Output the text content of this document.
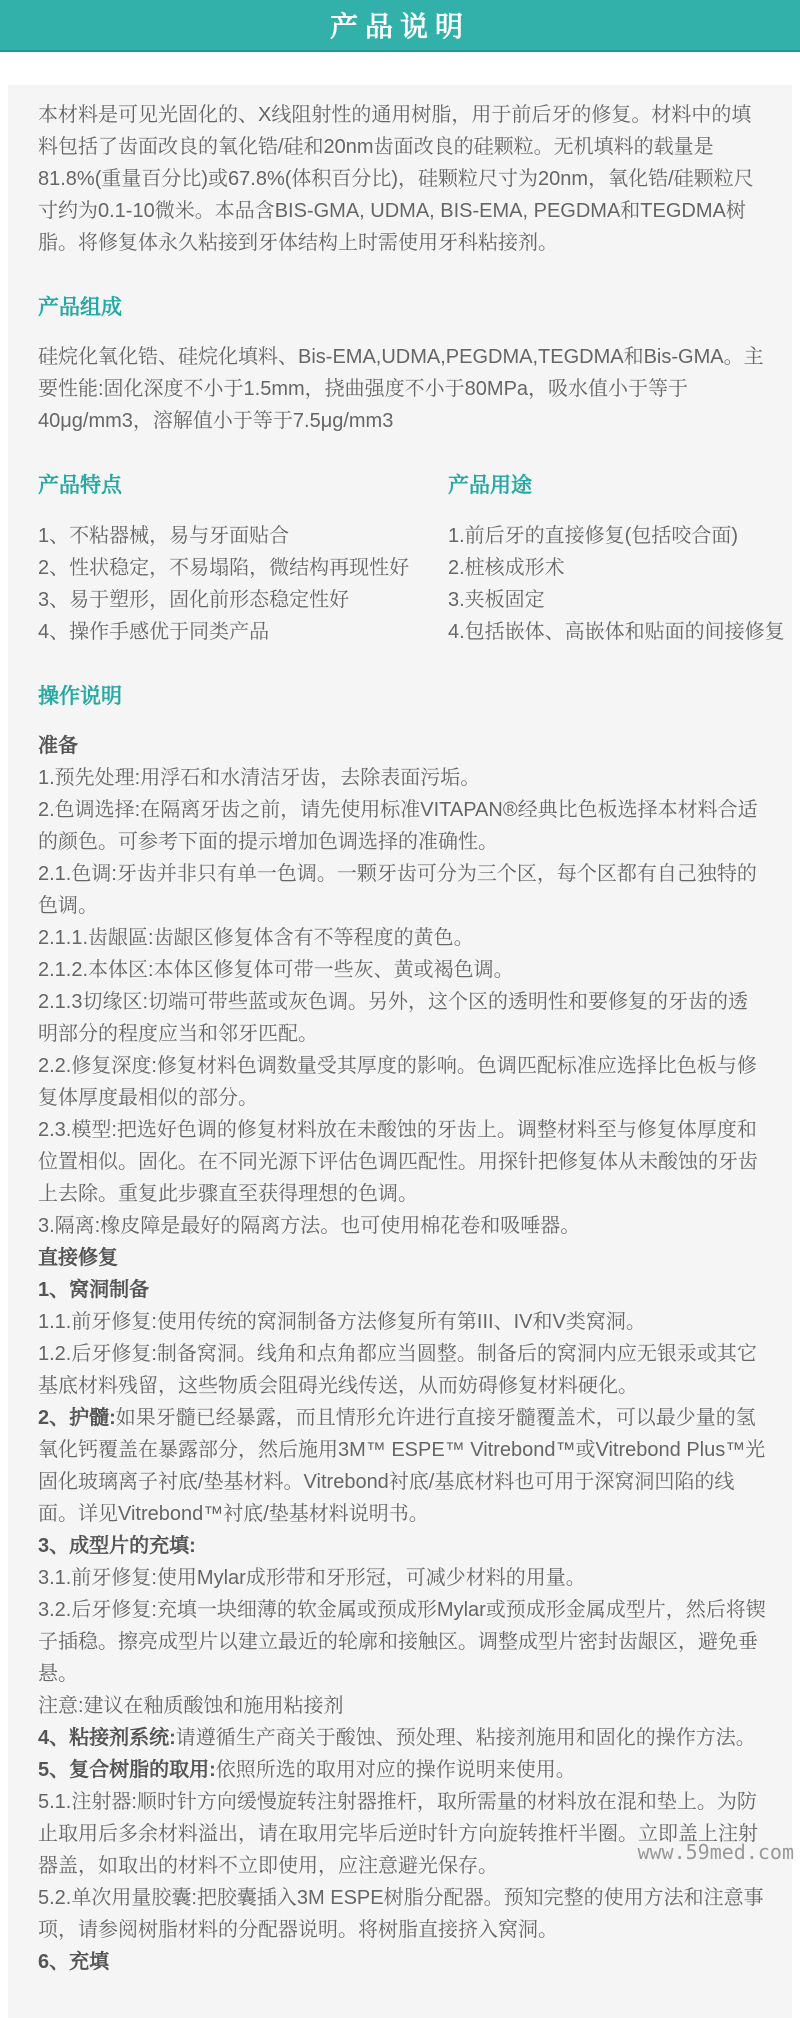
产品说明

本材料是可见光固化的、X线阻射性的通用树脂，用于前后牙的修复。材料中的填料包括了齿面改良的氧化锆/硅和20nm齿面改良的硅颗粒。无机填料的载量是81.8%(重量百分比)或67.8%(体积百分比)，硅颗粒尺寸为20nm，氧化锆/硅颗粒尺寸约为0.1-10微米。本品含BIS-GMA, UDMA, BIS-EMA, PEGDMA和TEGDMA树脂。将修复体永久粘接到牙体结构上时需使用牙科粘接剂。

产品组成

硅烷化氧化锆、硅烷化填料、Bis-EMA,UDMA,PEGDMA,TEGDMA和Bis-GMA。主要性能:固化深度不小于1.5mm，挠曲强度不小于80MPa，吸水值小于等于40μg/mm3，溶解值小于等于7.5μg/mm3

产品特点

1、不粘器械，易与牙面贴合

2、性状稳定，不易塌陷，微结构再现性好

3、易于塑形，固化前形态稳定性好

4、操作手感优于同类产品

产品用途

1.前后牙的直接修复(包括咬合面)

2.桩核成形术

3.夹板固定

4.包括嵌体、高嵌体和贴面的间接修复

操作说明

准备

1.预先处理:用浮石和水清洁牙齿，去除表面污垢。

2.色调选择:在隔离牙齿之前，请先使用标准VITAPAN®经典比色板选择本材料合适的颜色。可参考下面的提示增加色调选择的准确性。

2.1.色调:牙齿并非只有单一色调。一颗牙齿可分为三个区，每个区都有自己独特的色调。

2.1.1.齿龈區:齿龈区修复体含有不等程度的黄色。

2.1.2.本体区:本体区修复体可带一些灰、黄或褐色调。

2.1.3切缘区:切端可带些蓝或灰色调。另外，这个区的透明性和要修复的牙齿的透明部分的程度应当和邻牙匹配。

2.2.修复深度:修复材料色调数量受其厚度的影响。色调匹配标准应选择比色板与修复体厚度最相似的部分。

2.3.模型:把选好色调的修复材料放在未酸蚀的牙齿上。调整材料至与修复体厚度和位置相似。固化。在不同光源下评估色调匹配性。用探针把修复体从未酸蚀的牙齿上去除。重复此步骤直至获得理想的色调。

3.隔离:橡皮障是最好的隔离方法。也可使用棉花卷和吸唾器。

直接修复

1、窝洞制备

1.1.前牙修复:使用传统的窝洞制备方法修复所有第III、IV和V类窝洞。

1.2.后牙修复:制备窝洞。线角和点角都应当圆整。制备后的窝洞内应无银汞或其它基底材料残留，这些物质会阻碍光线传送，从而妨碍修复材料硬化。

2、护髓:如果牙髓已经暴露，而且情形允许进行直接牙髓覆盖术，可以最少量的氢氧化钙覆盖在暴露部分，然后施用3M™ ESPE™ Vitrebond™或Vitrebond Plus™光固化玻璃离子衬底/垫基材料。Vitrebond衬底/基底材料也可用于深窝洞凹陷的线面。详见Vitrebond™衬底/垫基材料说明书。

3、成型片的充填:

3.1.前牙修复:使用Mylar成形带和牙形冠，可减少材料的用量。

3.2.后牙修复:充填一块细薄的软金属或预成形Mylar或预成形金属成型片，然后将锲子插稳。擦亮成型片以建立最近的轮廓和接触区。调整成型片密封齿龈区，避免垂悬。

注意:建议在釉质酸蚀和施用粘接剂

4、粘接剂系统:请遵循生产商关于酸蚀、预处理、粘接剂施用和固化的操作方法。

5、复合树脂的取用:依照所选的取用对应的操作说明来使用。

5.1.注射器:顺时针方向缓慢旋转注射器推杆，取所需量的材料放在混和垫上。为防止取用后多余材料溢出，请在取用完毕后逆时针方向旋转推杆半圈。立即盖上注射器盖，如取出的材料不立即使用，应注意避光保存。

5.2.单次用量胶囊:把胶囊插入3M ESPE树脂分配器。预知完整的使用方法和注意事项，请参阅树脂材料的分配器说明。将树脂直接挤入窝洞。

6、充填

www.59med.com
